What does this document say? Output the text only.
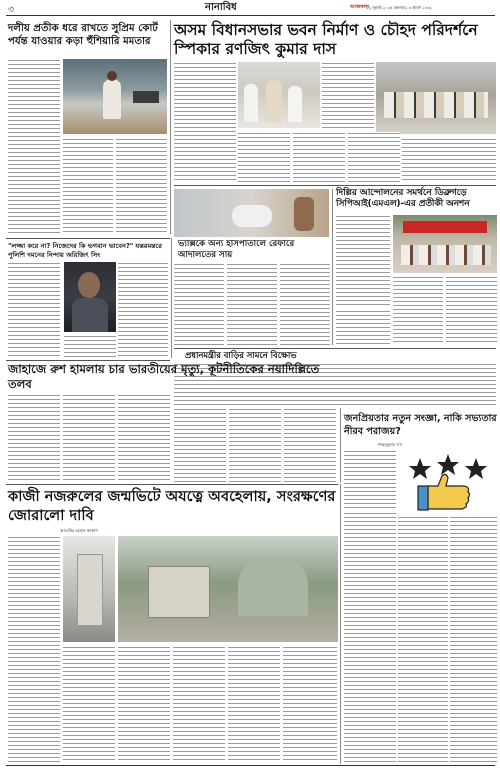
৩	নানাবিধ	আজকাল
২২ জুলাই ২০২৫ মঙ্গলবার, ৬ শ্রাবণ ১৪৩২
দলীয় প্রতীক ধরে রাখতে সুপ্রিম কোর্ট পর্যন্ত যাওয়ার কড়া হুঁশিয়ারি মমতার
অসম বিধানসভার ভবন নির্মাণ ও চৌহদ পরিদর্শনে স্পিকার রণজিৎ কুমার দাস
ভ্যাক্সকে অন্য হাসপাতালে রেফারে আদালতের সায়
দিল্লির আন্দোলনের সমর্থনে ডিব্রুগড়ে সিপিআই(এমএল)-এর প্রতীকী অনশন
"লজ্জা করে না? নিজেদের কি ভগবান ভাবেন?" যন্তরমন্তরে পুলিশি দমনের নিন্দায় অরিজিৎ সিং
প্রধানমন্ত্রীর বাড়ির সামনে বিক্ষোভ
জাহাজে রুশ হামলায় চার ভারতীয়ের মৃত্যু, কূটনীতিকের নয়াদিল্লিতে তলব
জনপ্রিয়তার নতুন সংজ্ঞা, নাকি সভ্যতার নীরব পরাজয়?
শান্তনুকুমার দাস
কাজী নজরুলের জন্মভিটে অযত্নে অবহেলায়, সংরক্ষণের জোরালো দাবি
আতাউর রহমান আকাশ
